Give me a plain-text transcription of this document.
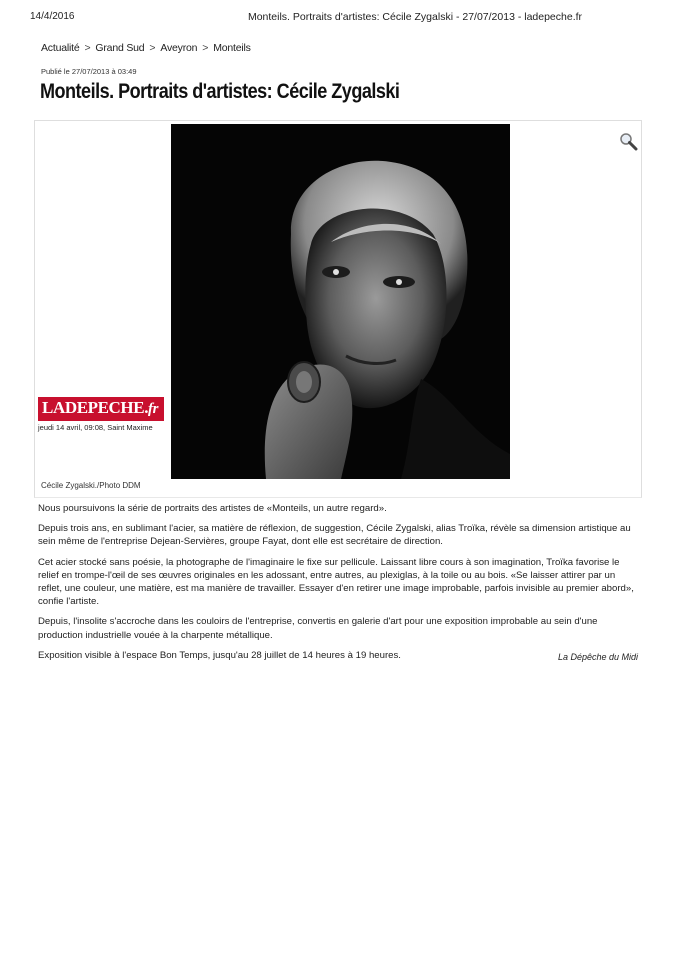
14/4/2016	Monteils. Portraits d'artistes: Cécile Zygalski - 27/07/2013 - ladepeche.fr
Actualité > Grand Sud > Aveyron > Monteils
Publié le 27/07/2013 à 03:49
Monteils. Portraits d'artistes: Cécile Zygalski
LADEPECHE.fr
jeudi 14 avril, 09:08, Saint Maxime
Cécile Zygalski./Photo DDM

Nous poursuivons la série de portraits des artistes de «Monteils, un autre regard».

Depuis trois ans, en sublimant l'acier, sa matière de réflexion, de suggestion, Cécile Zygalski, alias Troïka, révèle sa dimension artistique au sein même de l'entreprise Dejean-Servières, groupe Fayat, dont elle est secrétaire de direction.

Cet acier stocké sans poésie, la photographe de l'imaginaire le fixe sur pellicule. Laissant libre cours à son imagination, Troïka favorise le relief en trompe-l'œil de ses œuvres originales en les adossant, entre autres, au plexiglas, à la toile ou au bois. «Se laisser attirer par un reflet, une couleur, une matière, est ma manière de travailler. Essayer d'en retirer une image improbable, parfois invisible au premier abord», confie l'artiste.

Depuis, l'insolite s'accroche dans les couloirs de l'entreprise, convertis en galerie d'art pour une exposition improbable au sein d'une production industrielle vouée à la charpente métallique.

Exposition visible à l'espace Bon Temps, jusqu'au 28 juillet de 14 heures à 19 heures.	La Dépêche du Midi
